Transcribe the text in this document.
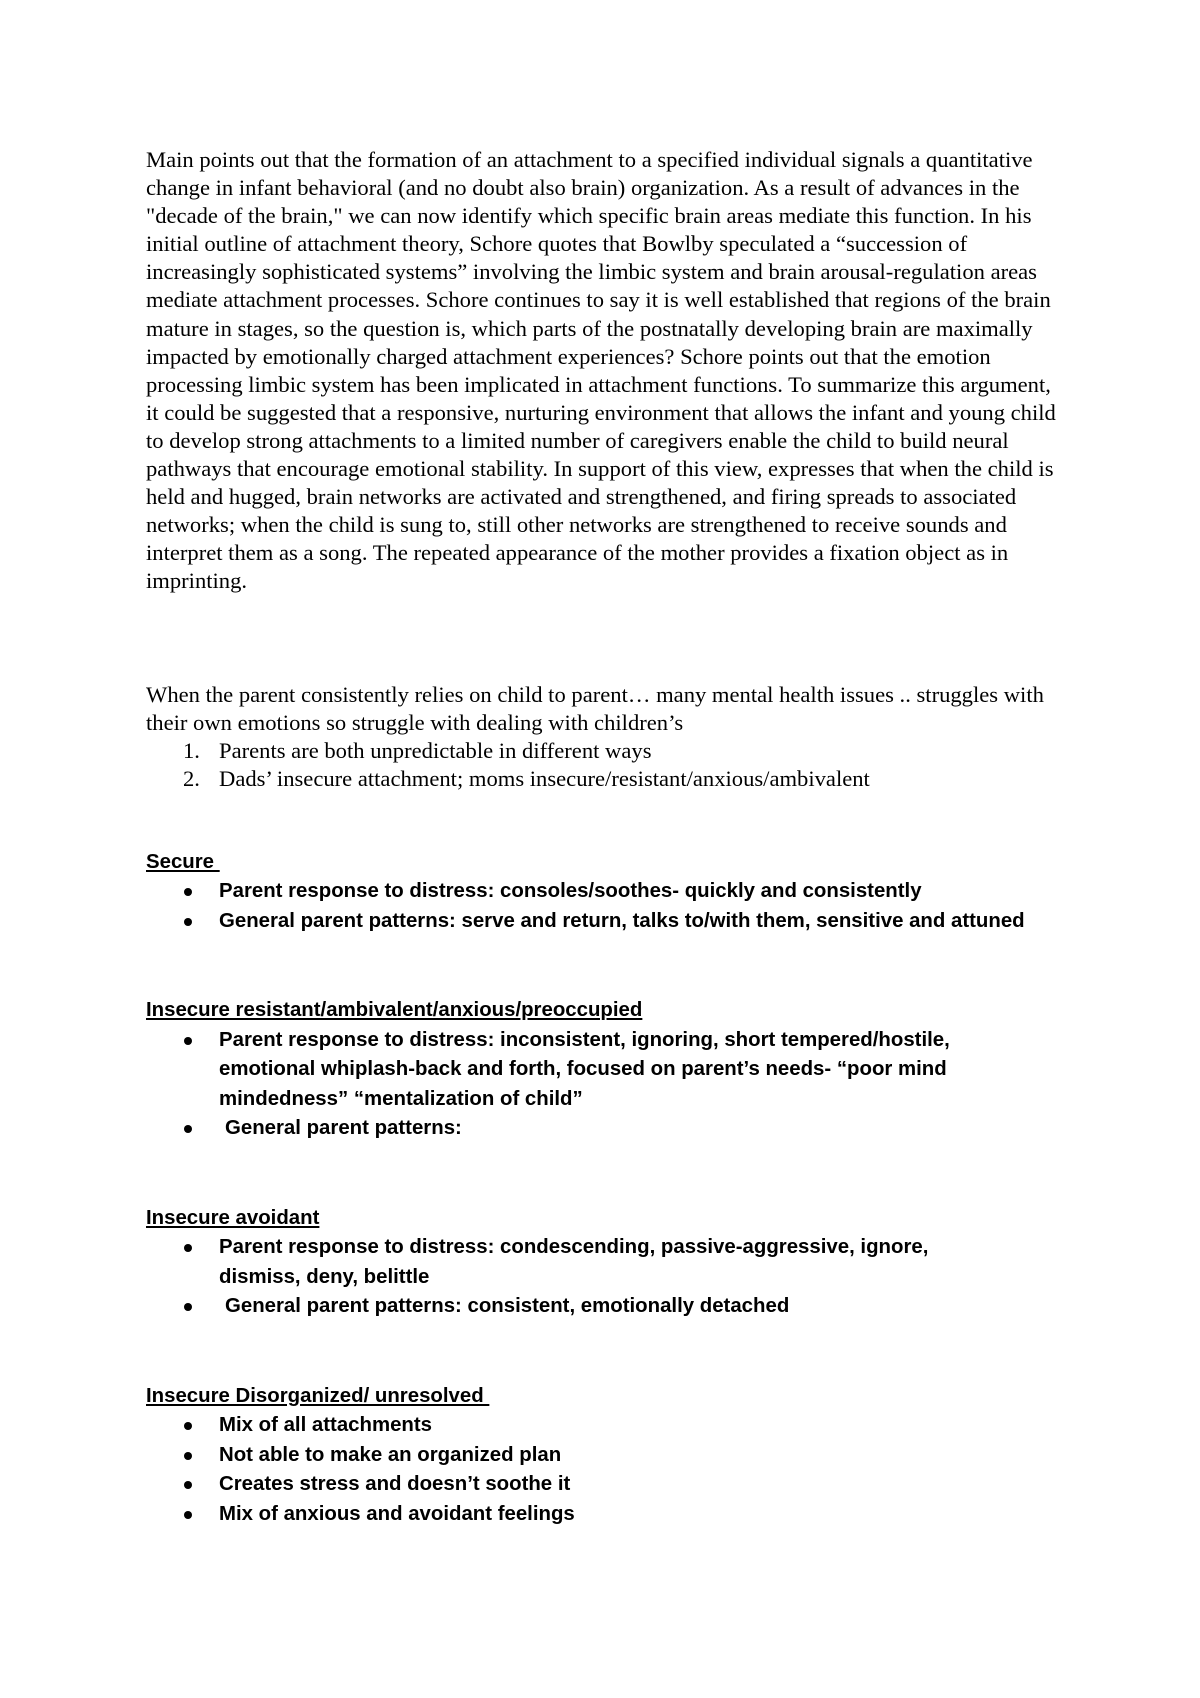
Main points out that the formation of an attachment to a specified individual signals a quantitative change in infant behavioral (and no doubt also brain) organization. As a result of advances in the "decade of the brain," we can now identify which specific brain areas mediate this function. In his initial outline of attachment theory, Schore quotes that Bowlby speculated a “succession of increasingly sophisticated systems” involving the limbic system and brain arousal-regulation areas mediate attachment processes. Schore continues to say it is well established that regions of the brain mature in stages, so the question is, which parts of the postnatally developing brain are maximally impacted by emotionally charged attachment experiences? Schore points out that the emotion processing limbic system has been implicated in attachment functions. To summarize this argument, it could be suggested that a responsive, nurturing environment that allows the infant and young child to develop strong attachments to a limited number of caregivers enable the child to build neural pathways that encourage emotional stability. In support of this view, expresses that when the child is held and hugged, brain networks are activated and strengthened, and firing spreads to associated networks; when the child is sung to, still other networks are strengthened to receive sounds and interpret them as a song. The repeated appearance of the mother provides a fixation object as in imprinting.

When the parent consistently relies on child to parent… many mental health issues .. struggles with their own emotions so struggle with dealing with children’s

1. Parents are both unpredictable in different ways
2. Dads’ insecure attachment; moms insecure/resistant/anxious/ambivalent

Secure

Parent response to distress: consoles/soothes- quickly and consistently
General parent patterns: serve and return, talks to/with them, sensitive and attuned

Insecure resistant/ambivalent/anxious/preoccupied

Parent response to distress: inconsistent, ignoring, short tempered/hostile, emotional whiplash-back and forth, focused on parent’s needs- “poor mind mindedness” “mentalization of child”
General parent patterns:

Insecure avoidant

Parent response to distress: condescending, passive-aggressive, ignore, dismiss, deny, belittle
General parent patterns: consistent, emotionally detached

Insecure Disorganized/ unresolved

Mix of all attachments
Not able to make an organized plan
Creates stress and doesn’t soothe it
Mix of anxious and avoidant feelings
